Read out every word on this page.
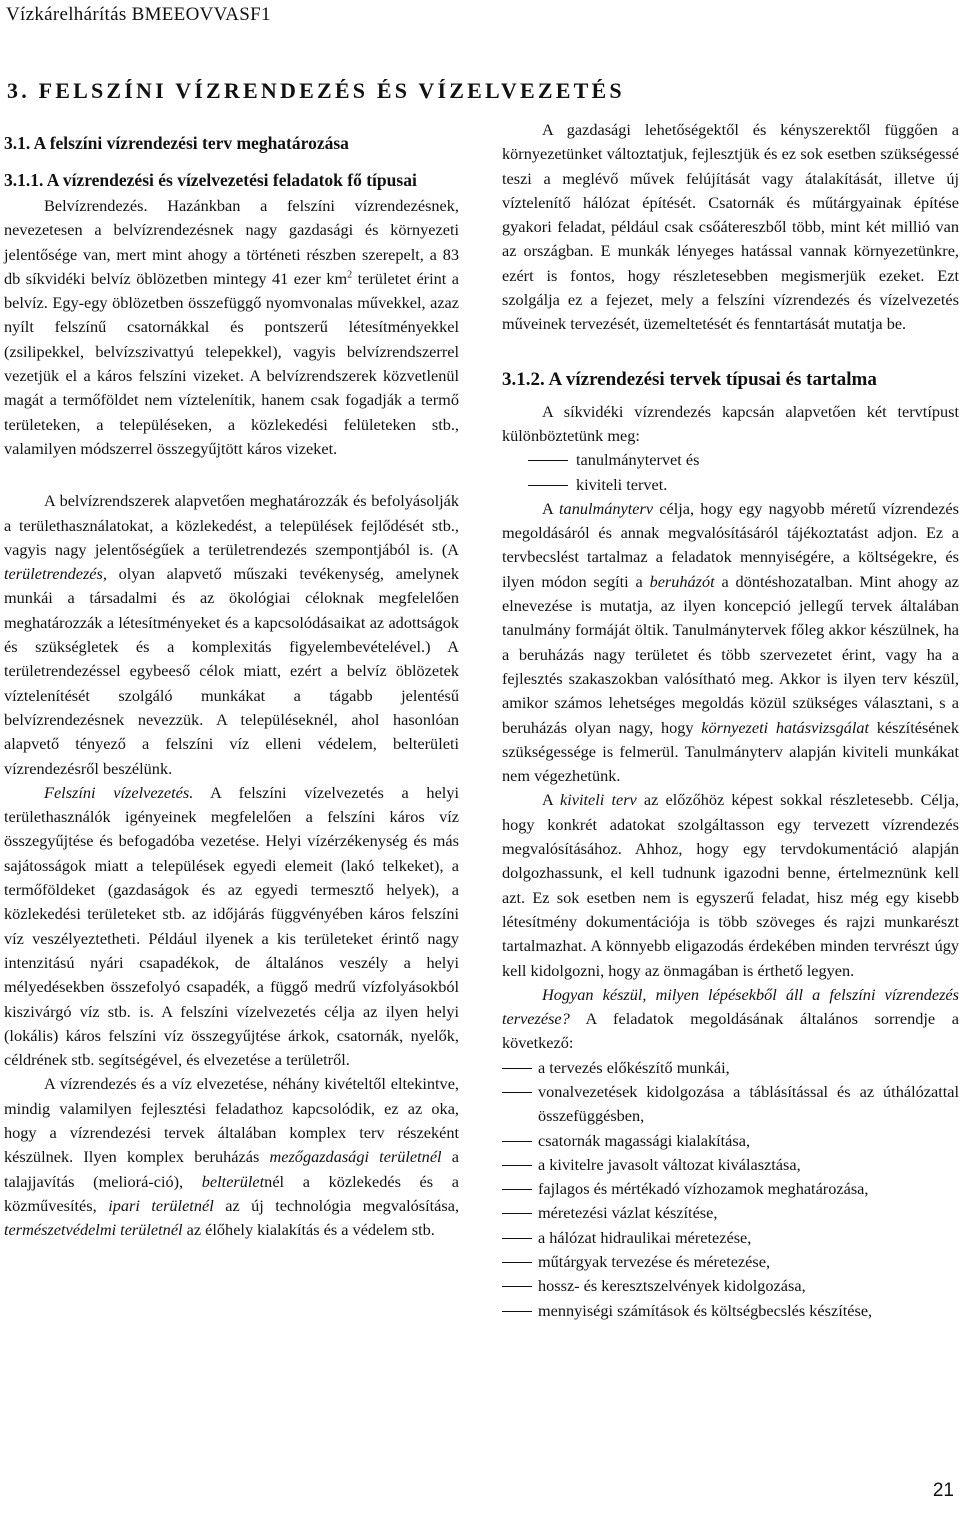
Vízkárelhárítás BMEEOVVASF1
3. FELSZÍNI VÍZRENDEZÉS ÉS VÍZELVEZETÉS

3.1. A felszíni vízrendezési terv meghatározása

3.1.1. A vízrendezési és vízelvezetési feladatok fő típusai

Belvízrendezés. Hazánkban a felszíni vízrendezésnek, nevezetesen a belvízrendezésnek nagy gazdasági és környezeti jelentősége van, mert mint ahogy a történeti részben szerepelt, a 83 db síkvidéki belvíz öblözetben mintegy 41 ezer $km^2$ területet érint a belvíz. Egy-egy öblözetben összefüggő nyomvonalas művekkel, azaz nyílt felszínű csatornákkal és pontszerű létesítményekkel (zsilipekkel, belvízszivattyú telepekkel), vagyis belvízrendszerrel vezetjük el a káros felszíni vizeket. A belvízrendszerek közvetlenül magát a termőföldet nem víztelenítik, hanem csak fogadják a termő területeken, a településeken, a közlekedési felületeken stb., valamilyen módszerrel összegyűjtött káros vizeket.

A belvízrendszerek alapvetően meghatározzák és befolyásolják a területhasználatokat, a közlekedést, a települések fejlődését stb., vagyis nagy jelentőségűek a területrendezés szempontjából is. (A területrendezés, olyan alapvető műszaki tevékenység, amelynek munkái a társadalmi és az ökológiai céloknak megfelelően meghatározzák a létesítményeket és a kapcsolódásaikat az adottságok és szükségletek és a komplexitás figyelembevételével.) A területrendezéssel egybeeső célok miatt, ezért a belvíz öblözetek víztelenítését szolgáló munkákat a tágabb jelentésű belvízrendezésnek nevezzük. A településeknél, ahol hasonlóan alapvető tényező a felszíni víz elleni védelem, belterületi vízrendezésről beszélünk.

Felszíni vízelvezetés. A felszíni vízelvezetés a helyi területhasználók igényeinek megfelelően a felszíni káros víz összegyűjtése és befogadóba vezetése. Helyi vízérzékenység és más sajátosságok miatt a települések egyedi elemeit (lakó telkeket), a termőföldeket (gazdaságok és az egyedi termesztő helyek), a közlekedési területeket stb. az időjárás függvényében káros felszíni víz veszélyeztetheti. Például ilyenek a kis területeket érintő nagy intenzitású nyári csapadékok, de általános veszély a helyi mélyedésekben összefolyó csapadék, a függő medrű vízfolyásokból kiszivárgó víz stb. is. A felszíni vízelvezetés célja az ilyen helyi (lokális) káros felszíni víz összegyűjtése árkok, csatornák, nyelők, céldrének stb. segítségével, és elvezetése a területről.

A vízrendezés és a víz elvezetése, néhány kivételtől eltekintve, mindig valamilyen fejlesztési feladathoz kapcsolódik, ez az oka, hogy a vízrendezési tervek általában komplex terv részeként készülnek. Ilyen komplex beruházás mezőgazdasági területnél a talajjavítás (meliorá-ció), belterületnél a közlekedés és a közművesítés, ipari területnél az új technológia megvalósítása, természetvédelmi területnél az élőhely kialakítás és a védelem stb.

A gazdasági lehetőségektől és kényszerektől függően a környezetünket változtatjuk, fejlesztjük és ez sok esetben szükségessé teszi a meglévő művek felújítását vagy átalakítását, illetve új víztelenítő hálózat építését. Csatornák és műtárgyainak építése gyakori feladat, például csak csőátereszből több, mint két millió van az országban. E munkák lényeges hatással vannak környezetünkre, ezért is fontos, hogy részletesebben megismerjük ezeket. Ezt szolgálja ez a fejezet, mely a felszíni vízrendezés és vízelvezetés műveinek tervezését, üzemeltetését és fenntartását mutatja be.

3.1.2. A vízrendezési tervek típusai és tartalma

A síkvidéki vízrendezés kapcsán alapvetően két tervtípust különböztetünk meg:

tanulmánytervet és

kiviteli tervet.

A tanulmányterv célja, hogy egy nagyobb méretű vízrendezés megoldásáról és annak megvalósításáról tájékoztatást adjon. Ez a tervbecslést tartalmaz a feladatok mennyiségére, a költségekre, és ilyen módon segíti a beruházót a döntéshozatalban. Mint ahogy az elnevezése is mutatja, az ilyen koncepció jellegű tervek általában tanulmány formáját öltik. Tanulmánytervek főleg akkor készülnek, ha a beruházás nagy területet és több szervezetet érint, vagy ha a fejlesztés szakaszokban valósítható meg. Akkor is ilyen terv készül, amikor számos lehetséges megoldás közül szükséges választani, s a beruházás olyan nagy, hogy környezeti hatásvizsgálat készítésének szükségessége is felmerül. Tanulmányterv alapján kiviteli munkákat nem végezhetünk.

A kiviteli terv az előzőhöz képest sokkal részletesebb. Célja, hogy konkrét adatokat szolgáltasson egy tervezett vízrendezés megvalósításához. Ahhoz, hogy egy tervdokumentáció alapján dolgozhassunk, el kell tudnunk igazodni benne, értelmeznünk kell azt. Ez sok esetben nem is egyszerű feladat, hisz még egy kisebb létesítmény dokumentációja is több szöveges és rajzi munkarészt tartalmazhat. A könnyebb eligazodás érdekében minden tervrészt úgy kell kidolgozni, hogy az önmagában is érthető legyen.

Hogyan készül, milyen lépésekből áll a felszíni vízrendezés tervezése? A feladatok megoldásának általános sorrendje a következő:

a tervezés előkészítő munkái,

vonalvezetések kidolgozása a táblásítással és az úthálózattal összefüggésben,

csatornák magassági kialakítása,

a kivitelre javasolt változat kiválasztása,

fajlagos és mértékadó vízhozamok meghatározása,

méretezési vázlat készítése,

a hálózat hidraulikai méretezése,

műtárgyak tervezése és méretezése,

hossz- és keresztszelvények kidolgozása,

mennyiségi számítások és költségbecslés készítése,

21
